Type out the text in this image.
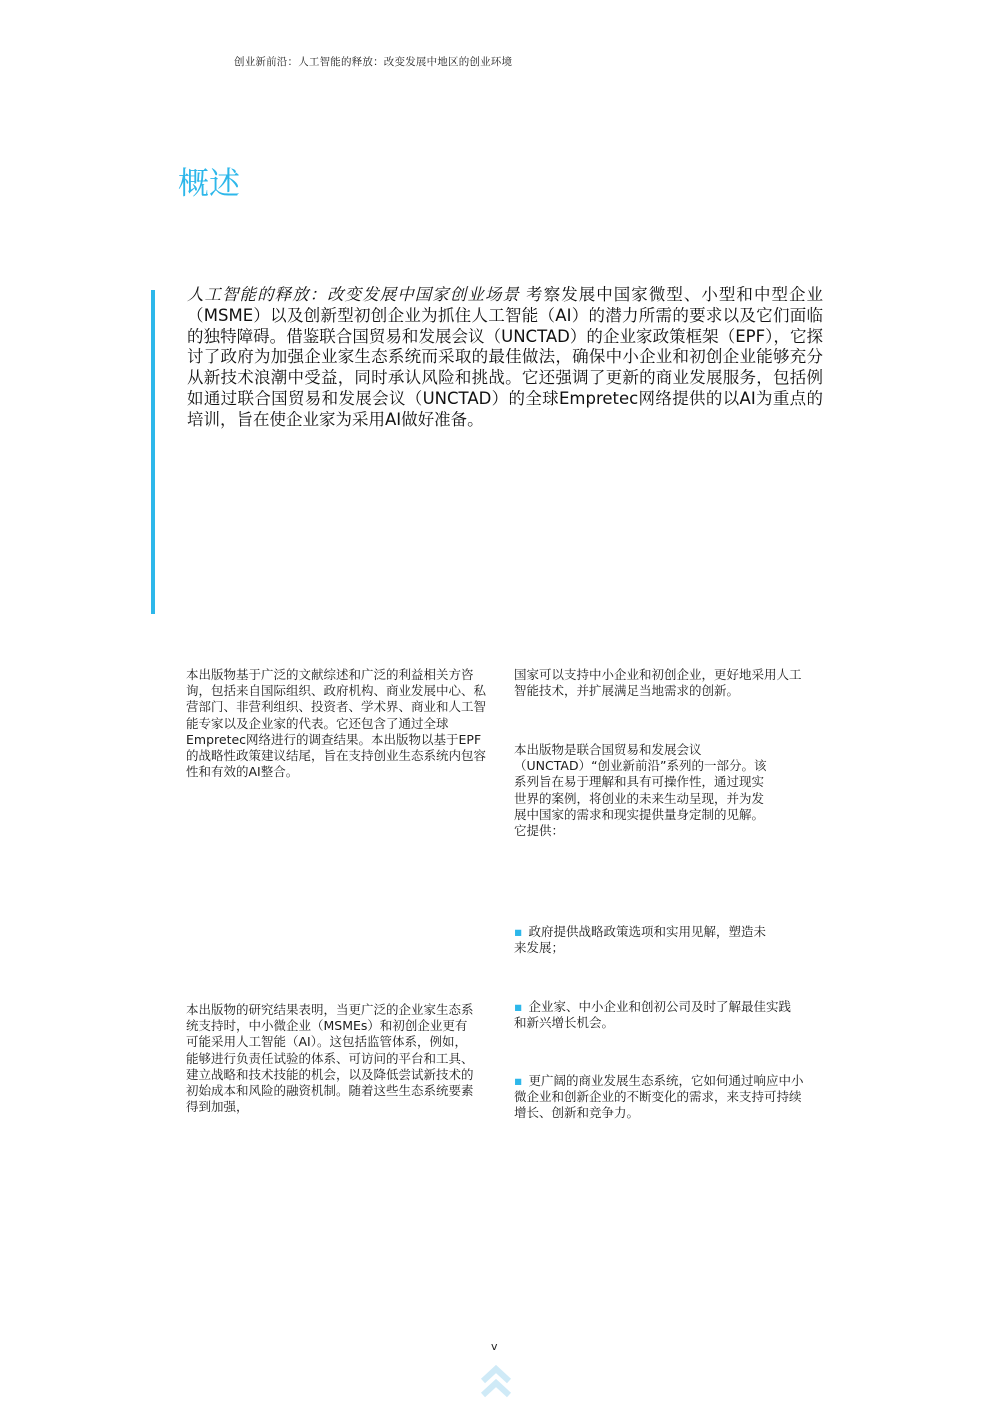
创业新前沿：人工智能的释放：改变发展中地区的创业环境
概述

人工智能的释放：改变发展中国家创业场景 考察发展中国家微型、小型和中型企业（MSME）以及创新型初创企业为抓住人工智能（AI）的潜力所需的要求以及它们面临的独特障碍。借鉴联合国贸易和发展会议（UNCTAD）的企业家政策框架（EPF），它探讨了政府为加强企业家生态系统而采取的最佳做法，确保中小企业和初创企业能够充分从新技术浪潮中受益，同时承认风险和挑战。它还强调了更新的商业发展服务，包括例如通过联合国贸易和发展会议（UNCTAD）的全球Empretec网络提供的以AI为重点的培训，旨在使企业家为采用AI做好准备。

本出版物基于广泛的文献综述和广泛的利益相关方咨询，包括来自国际组织、政府机构、商业发展中心、私营部门、非营利组织、投资者、学术界、商业和人工智能专家以及企业家的代表。它还包含了通过全球Empretec网络进行的调查结果。本出版物以基于EPF的战略性政策建议结尾，旨在支持创业生态系统内包容性和有效的AI整合。

本出版物的研究结果表明，当更广泛的企业家生态系统支持时，中小微企业（MSMEs）和初创企业更有可能采用人工智能（AI）。这包括监管体系，例如，能够进行负责任试验的体系、可访问的平台和工具、建立战略和技术技能的机会，以及降低尝试新技术的初始成本和风险的融资机制。随着这些生态系统要素得到加强，

国家可以支持中小企业和初创企业，更好地采用人工智能技术，并扩展满足当地需求的创新。

本出版物是联合国贸易和发展会议（UNCTAD）“创业新前沿”系列的一部分。该系列旨在易于理解和具有可操作性，通过现实世界的案例，将创业的未来生动呈现，并为发展中国家的需求和现实提供量身定制的见解。它提供：

▪ 政府提供战略政策选项和实用见解，塑造未来发展；

▪ 企业家、中小企业和创初公司及时了解最佳实践和新兴增长机会。

▪ 更广阔的商业发展生态系统，它如何通过响应中小微企业和创新企业的不断变化的需求，来支持可持续增长、创新和竞争力。

v
